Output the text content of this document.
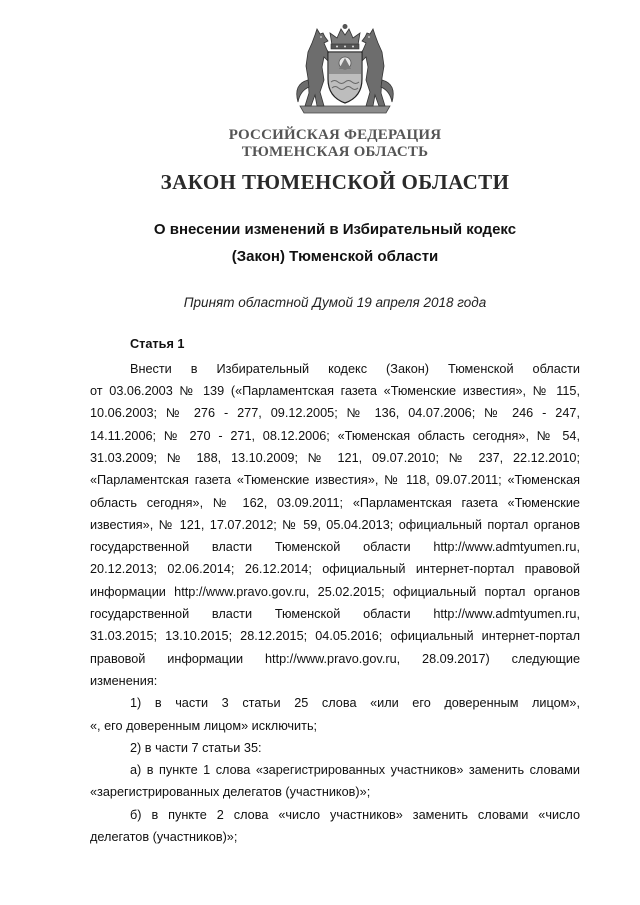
РОССИЙСКАЯ ФЕДЕРАЦИЯ
ТЮМЕНСКАЯ ОБЛАСТЬ
ЗАКОН ТЮМЕНСКОЙ ОБЛАСТИ
О внесении изменений в Избирательный кодекс
(Закон) Тюменской области
Принят областной Думой 19 апреля 2018 года
Статья 1
Внести в Избирательный кодекс (Закон) Тюменской области
от 03.06.2003 № 139 («Парламентская газета «Тюменские известия», № 115,
10.06.2003; № 276 - 277, 09.12.2005; № 136, 04.07.2006; № 246 - 247,
14.11.2006; № 270 - 271, 08.12.2006; «Тюменская область сегодня», № 54,
31.03.2009; № 188, 13.10.2009; № 121, 09.07.2010; № 237, 22.12.2010;
«Парламентская газета «Тюменские известия», № 118, 09.07.2011; «Тюменская
область сегодня», № 162, 03.09.2011; «Парламентская газета «Тюменские
известия», № 121, 17.07.2012; № 59, 05.04.2013; официальный портал органов
государственной власти Тюменской области http://www.admtyumen.ru,
20.12.2013; 02.06.2014; 26.12.2014; официальный интернет-портал правовой
информации http://www.pravo.gov.ru, 25.02.2015; официальный портал органов
государственной власти Тюменской области http://www.admtyumen.ru,
31.03.2015; 13.10.2015; 28.12.2015; 04.05.2016; официальный интернет-портал
правовой информации http://www.pravo.gov.ru, 28.09.2017) следующие
изменения:
1) в части 3 статьи 25 слова «или его доверенным лицом»,
«, его доверенным лицом» исключить;
2) в части 7 статьи 35:
а) в пункте 1 слова «зарегистрированных участников» заменить словами
«зарегистрированных делегатов (участников)»;
б) в пункте 2 слова «число участников» заменить словами «число
делегатов (участников)»;
